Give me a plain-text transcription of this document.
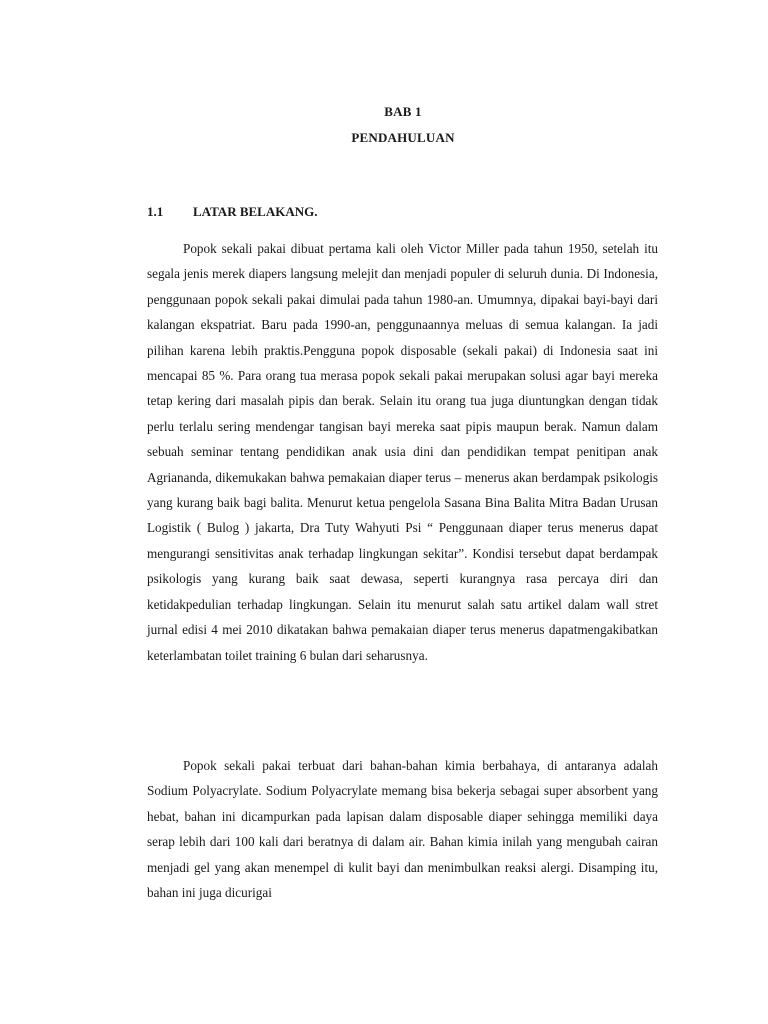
BAB 1
PENDAHULUAN
1.1 LATAR BELAKANG.

Popok sekali pakai dibuat pertama kali oleh Victor Miller pada tahun 1950, setelah itu segala jenis merek diapers langsung melejit dan menjadi populer di seluruh dunia. Di Indonesia, penggunaan popok sekali pakai dimulai pada tahun 1980-an. Umumnya, dipakai bayi-bayi dari kalangan ekspatriat. Baru pada 1990-an, penggunaannya meluas di semua kalangan. Ia jadi pilihan karena lebih praktis.Pengguna popok disposable (sekali pakai) di Indonesia saat ini mencapai 85 %. Para orang tua merasa popok sekali pakai merupakan solusi agar bayi mereka tetap kering dari masalah pipis dan berak. Selain itu orang tua juga diuntungkan dengan tidak perlu terlalu sering mendengar tangisan bayi mereka saat pipis maupun berak. Namun dalam sebuah seminar tentang pendidikan anak usia dini dan pendidikan tempat penitipan anak Agriananda, dikemukakan bahwa pemakaian diaper terus – menerus akan berdampak psikologis yang kurang baik bagi balita. Menurut ketua pengelola Sasana Bina Balita Mitra Badan Urusan Logistik ( Bulog ) jakarta, Dra Tuty Wahyuti Psi “ Penggunaan diaper terus menerus dapat mengurangi sensitivitas anak terhadap lingkungan sekitar”. Kondisi tersebut dapat berdampak psikologis yang kurang baik saat dewasa, seperti kurangnya rasa percaya diri dan ketidakpedulian terhadap lingkungan. Selain itu menurut salah satu artikel dalam wall stret jurnal edisi 4 mei 2010 dikatakan bahwa pemakaian diaper terus menerus dapatmengakibatkan keterlambatan toilet training 6 bulan dari seharusnya.

Popok sekali pakai terbuat dari bahan-bahan kimia berbahaya, di antaranya adalah Sodium Polyacrylate. Sodium Polyacrylate memang bisa bekerja sebagai super absorbent yang hebat, bahan ini dicampurkan pada lapisan dalam disposable diaper sehingga memiliki daya serap lebih dari 100 kali dari beratnya di dalam air. Bahan kimia inilah yang mengubah cairan menjadi gel yang akan menempel di kulit bayi dan menimbulkan reaksi alergi. Disamping itu, bahan ini juga dicurigai
